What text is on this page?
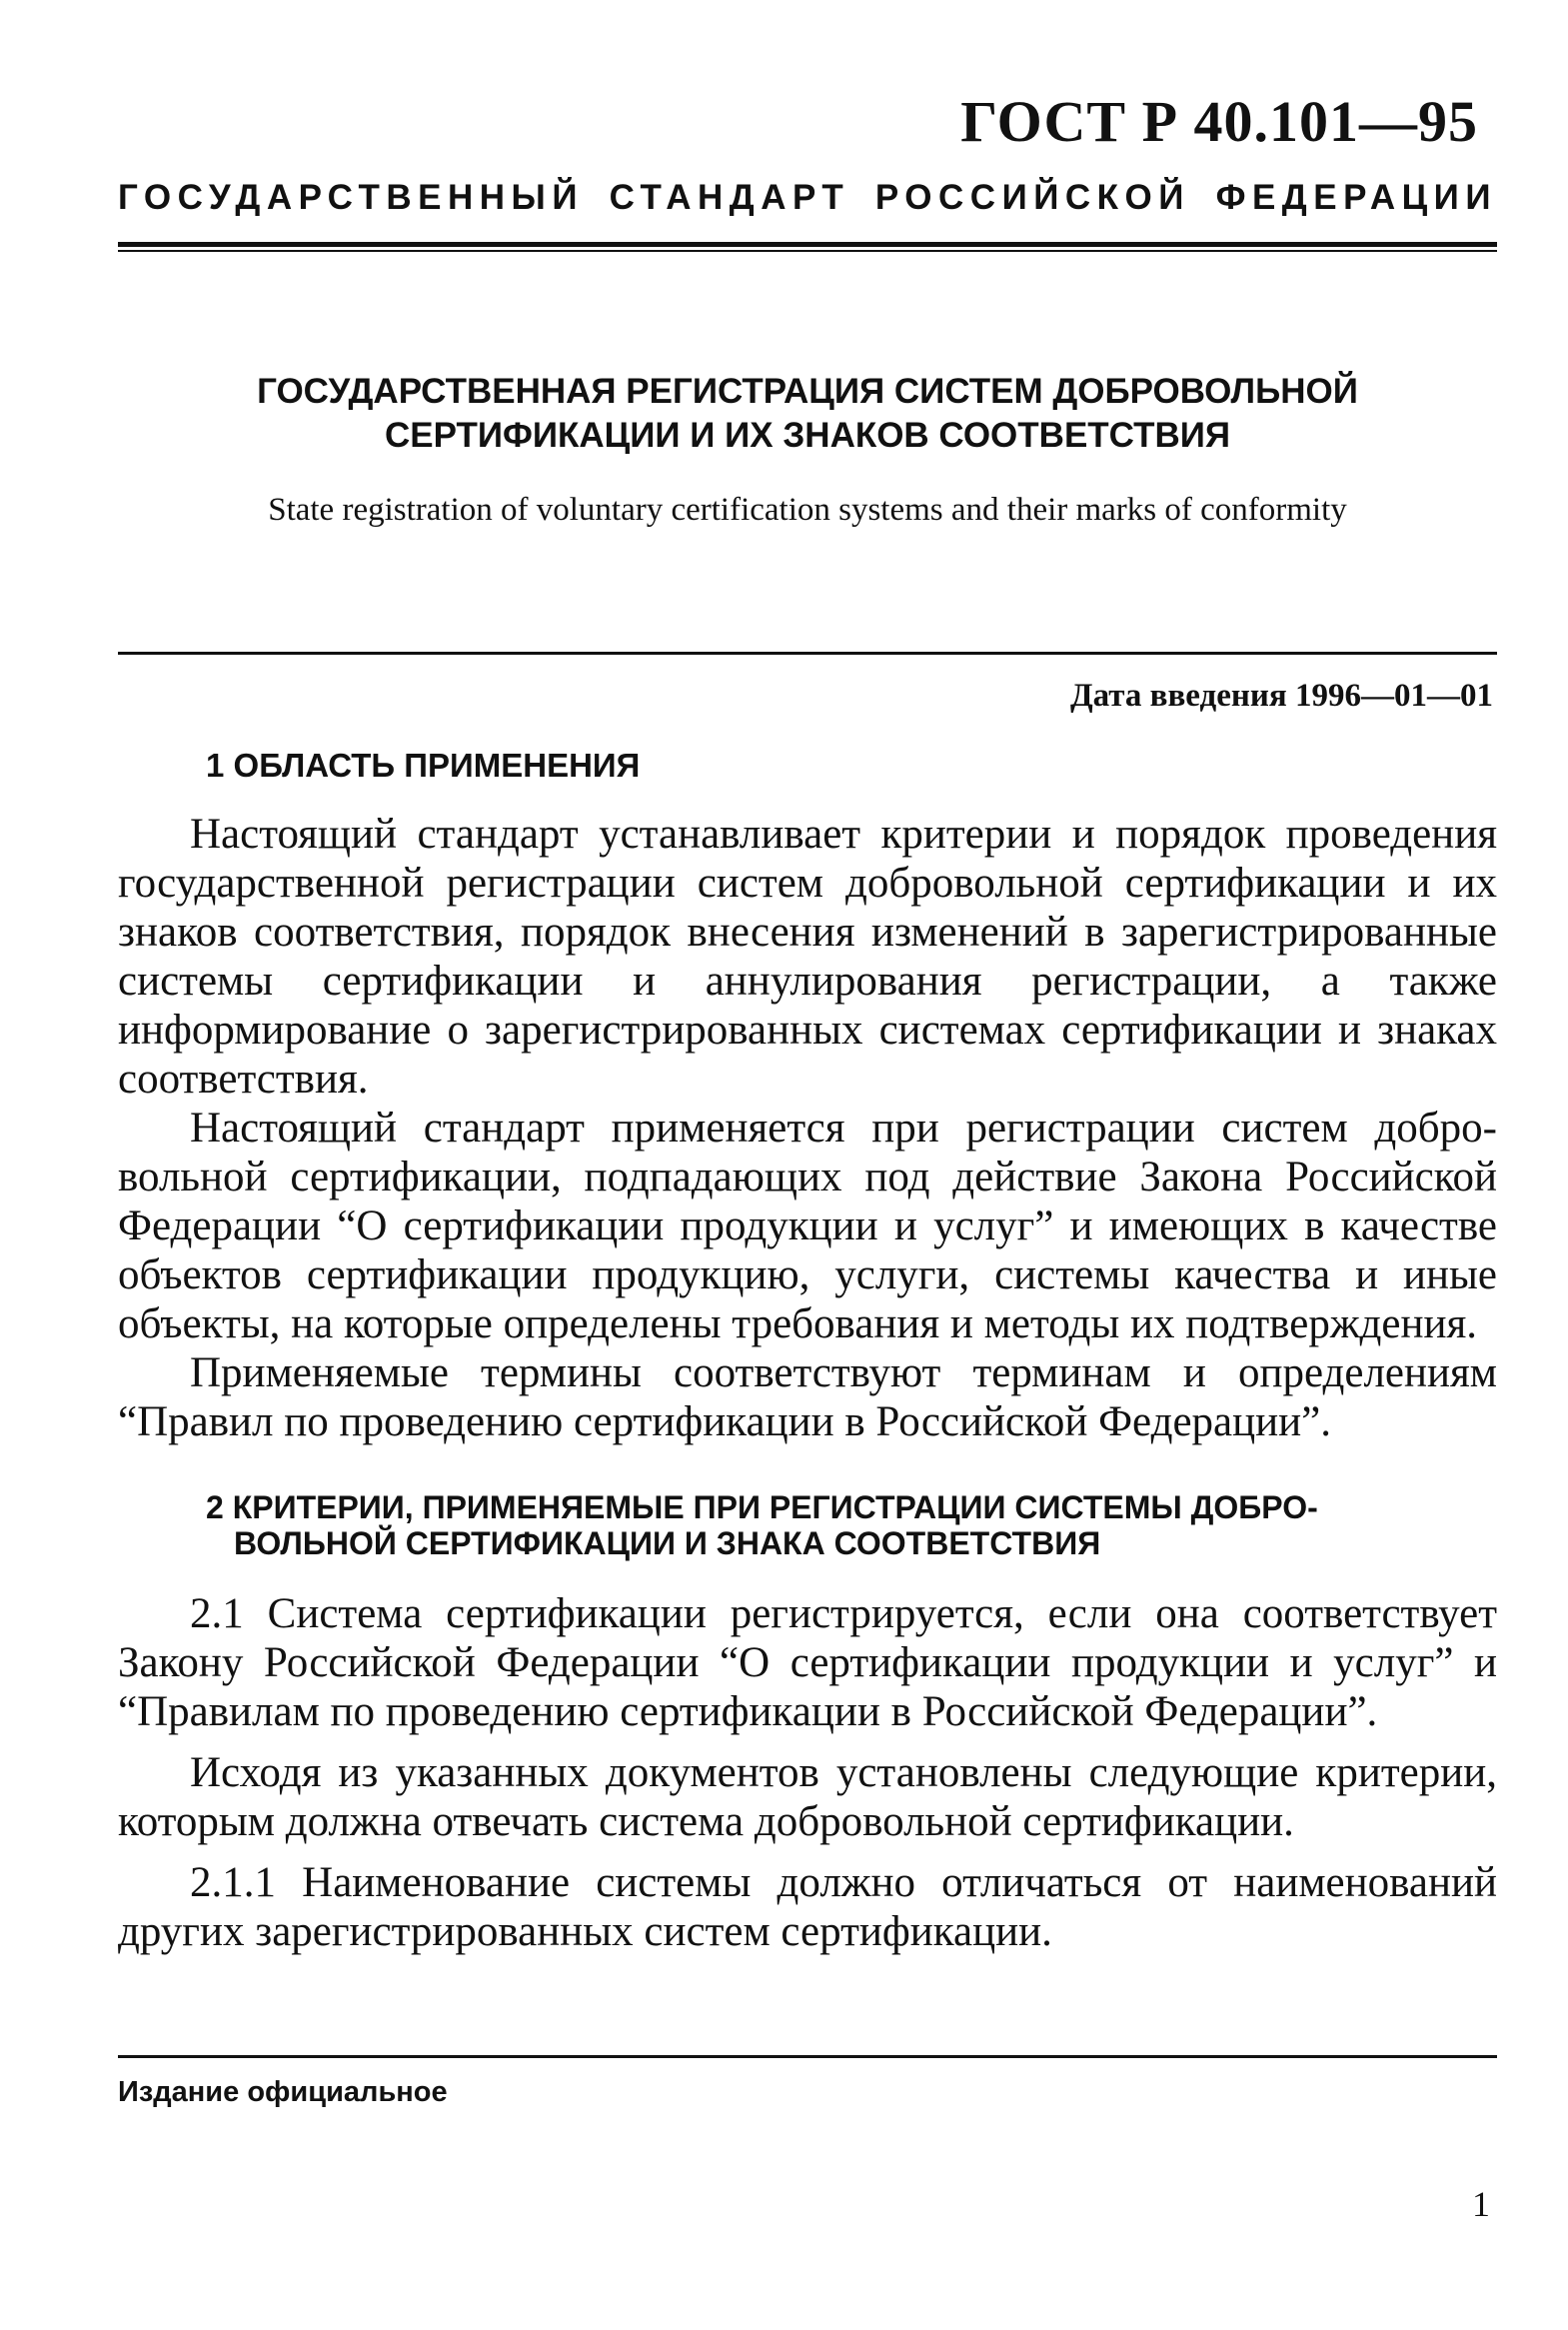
ГОСТ Р 40.101—95
ГОСУДАРСТВЕННЫЙ СТАНДАРТ РОССИЙСКОЙ ФЕДЕРАЦИИ
ГОСУДАРСТВЕННАЯ РЕГИСТРАЦИЯ СИСТЕМ ДОБРОВОЛЬНОЙ
СЕРТИФИКАЦИИ И ИХ ЗНАКОВ СООТВЕТСТВИЯ
State registration of voluntary certification systems and their marks of conformity
Дата введения 1996—01—01
1 ОБЛАСТЬ ПРИМЕНЕНИЯ

Настоящий стандарт устанавливает критерии и порядок проведения государственной регистрации систем добровольной сертификации и их знаков соответствия, порядок внесения изменений в зарегистрированные системы сертификации и аннулирования регистрации, а также информирование о зарегистрированных системах сертификации и знаках соответствия.

Настоящий стандарт применяется при регистрации систем добровольной сертификации, подпадающих под действие Закона Российской Федерации “О сертификации продукции и услуг” и имеющих в качестве объектов сертификации продукцию, услуги, системы качества и иные объекты, на которые определены требования и методы их подтверждения.

Применяемые термины соответствуют терминам и определениям “Правил по проведению сертификации в Российской Федерации”.

2 КРИТЕРИИ, ПРИМЕНЯЕМЫЕ ПРИ РЕГИСТРАЦИИ СИСТЕМЫ ДОБРО-
ВОЛЬНОЙ СЕРТИФИКАЦИИ И ЗНАКА СООТВЕТСТВИЯ

2.1 Система сертификации регистрируется, если она соответствует Закону Российской Федерации “О сертификации продукции и услуг” и “Правилам по проведению сертификации в Российской Федерации”.

Исходя из указанных документов установлены следующие критерии, которым должна отвечать система добровольной сертификации.

2.1.1 Наименование системы должно отличаться от наименований других зарегистрированных систем сертификации.

Издание официальное
1
